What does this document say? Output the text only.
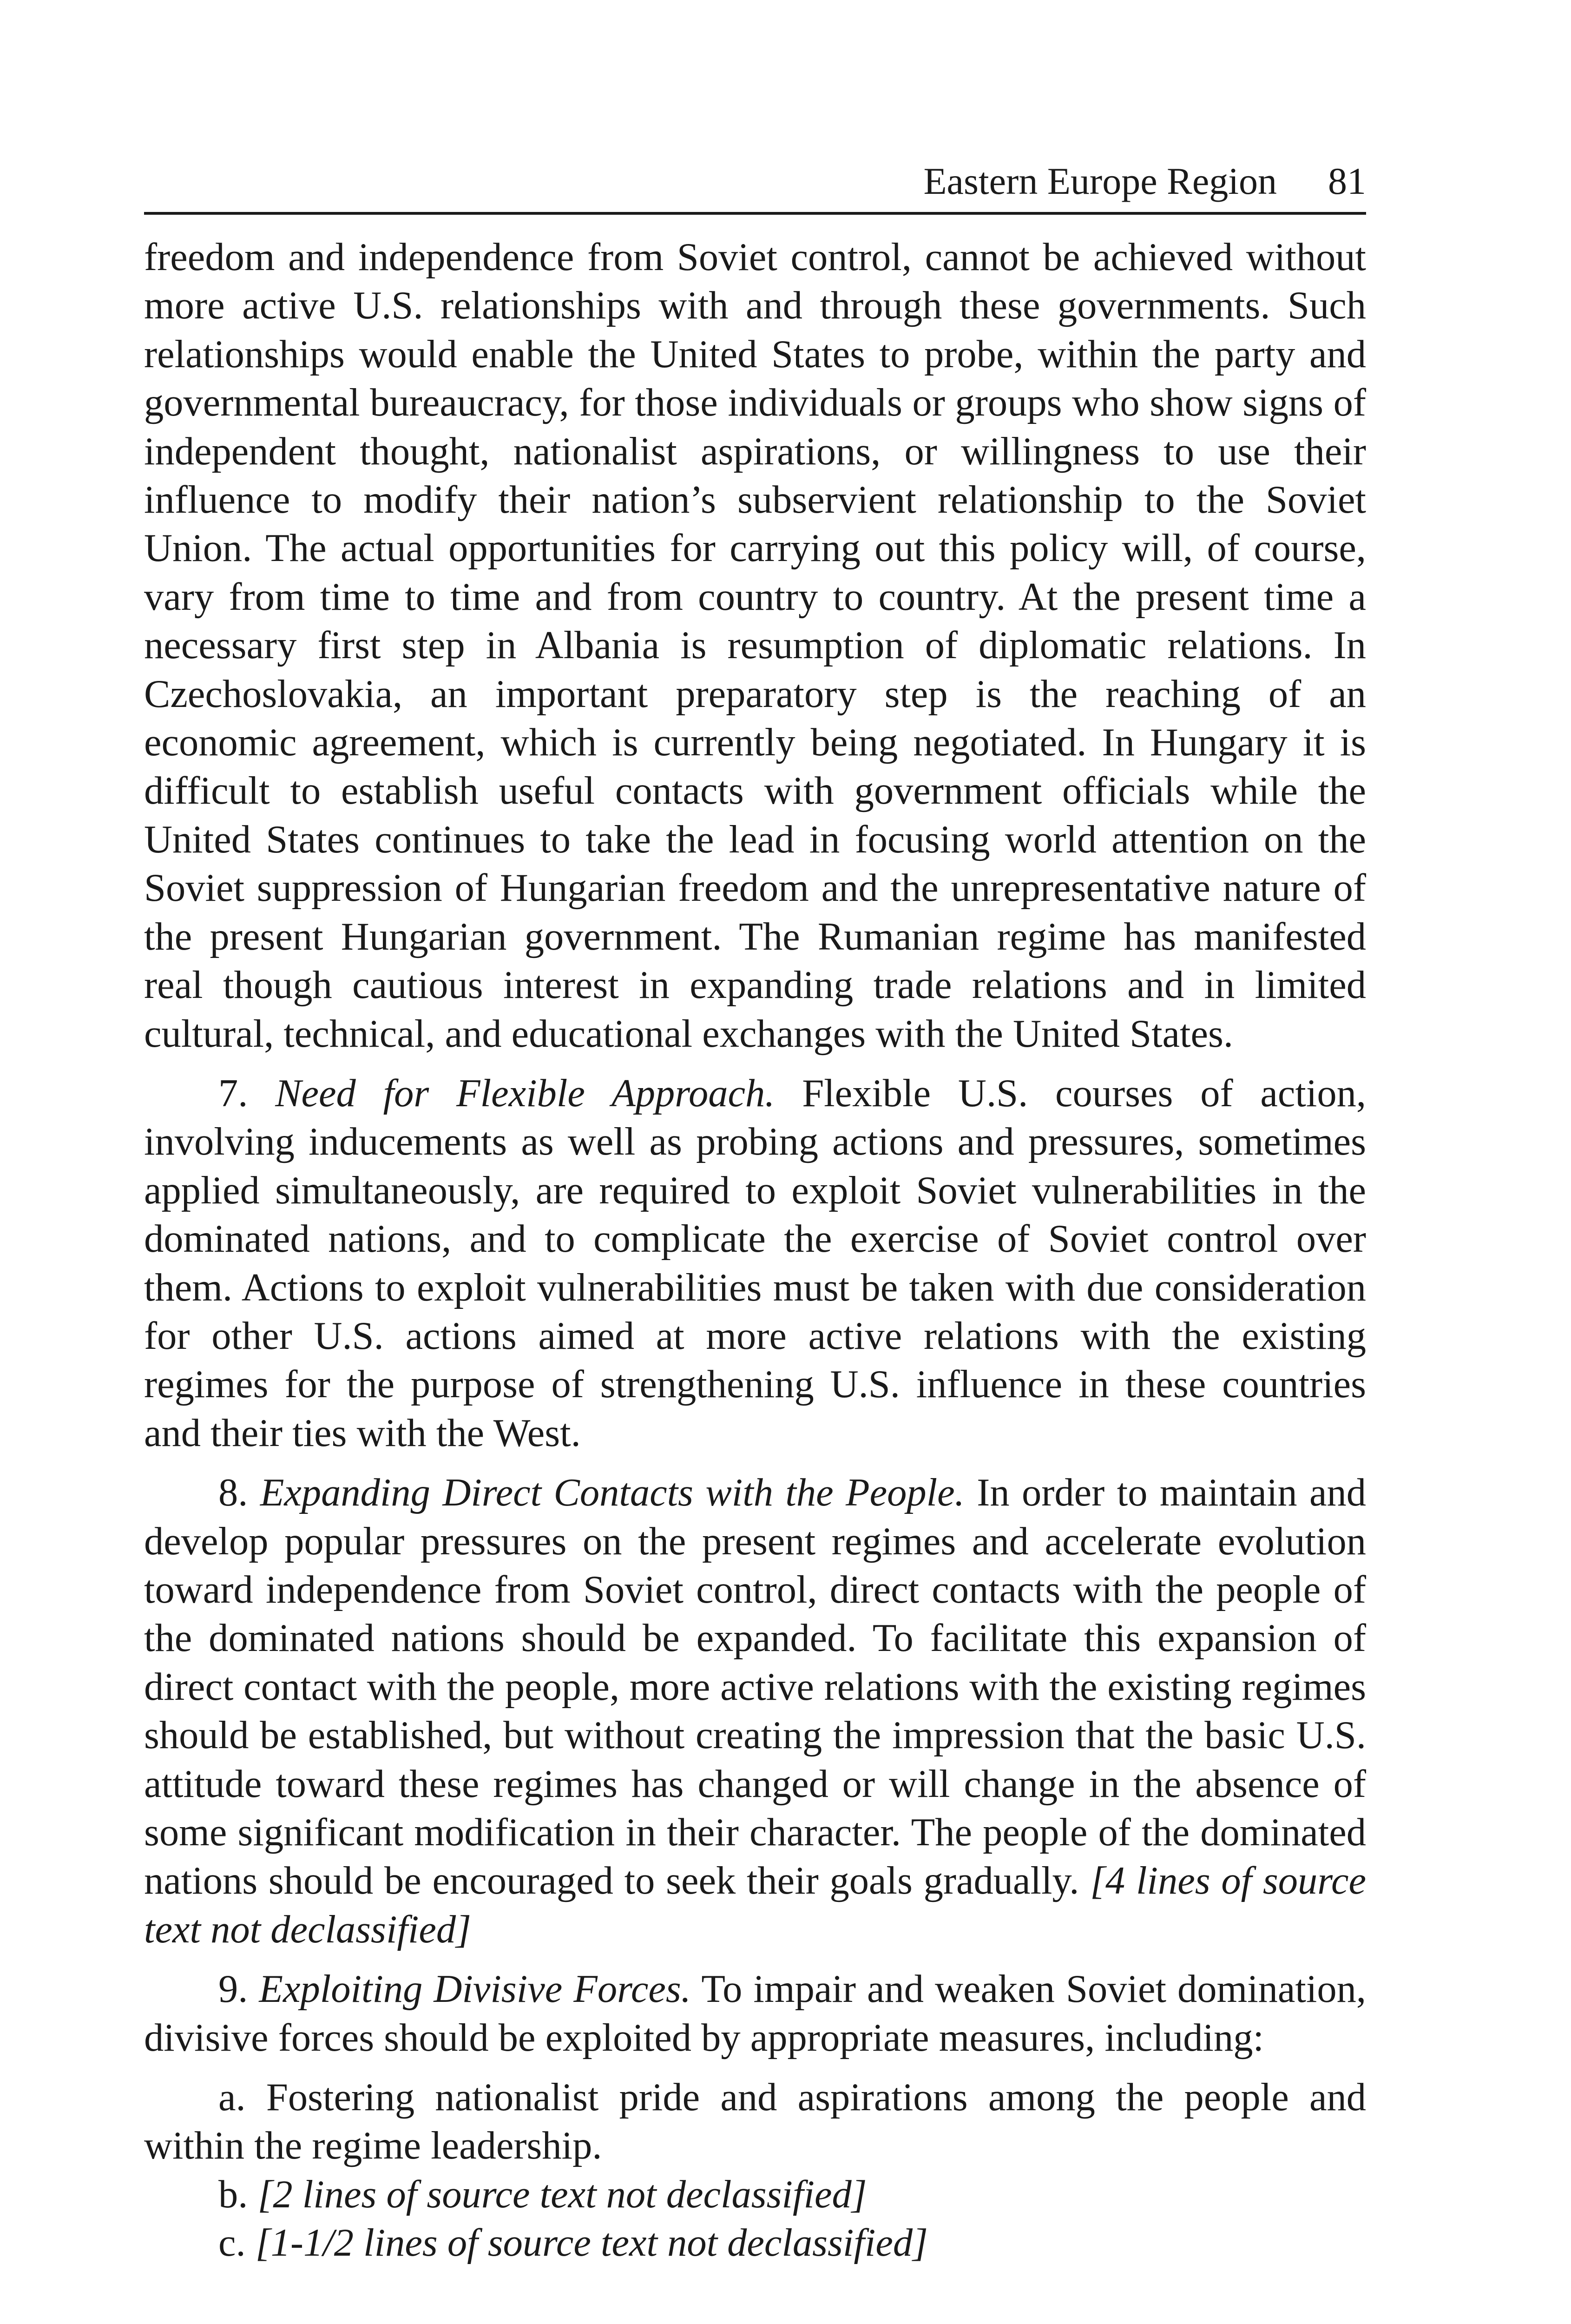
Eastern Europe Region 81

freedom and independence from Soviet control, cannot be achieved without more active U.S. relationships with and through these governments. Such relationships would enable the United States to probe, within the party and governmental bureaucracy, for those individuals or groups who show signs of independent thought, nationalist aspirations, or willingness to use their influence to modify their nation’s subservient relationship to the Soviet Union. The actual opportunities for carrying out this policy will, of course, vary from time to time and from country to country. At the present time a necessary first step in Albania is resumption of diplomatic relations. In Czechoslovakia, an important preparatory step is the reaching of an economic agreement, which is currently being negotiated. In Hungary it is difficult to establish useful contacts with government officials while the United States continues to take the lead in focusing world attention on the Soviet suppression of Hungarian freedom and the unrepresentative nature of the present Hungarian government. The Rumanian regime has manifested real though cautious interest in expanding trade relations and in limited cultural, technical, and educational exchanges with the United States.

7. Need for Flexible Approach. Flexible U.S. courses of action, involving inducements as well as probing actions and pressures, sometimes applied simultaneously, are required to exploit Soviet vulnerabilities in the dominated nations, and to complicate the exercise of Soviet control over them. Actions to exploit vulnerabilities must be taken with due consideration for other U.S. actions aimed at more active relations with the existing regimes for the purpose of strengthening U.S. influence in these countries and their ties with the West.

8. Expanding Direct Contacts with the People. In order to maintain and develop popular pressures on the present regimes and accelerate evolution toward independence from Soviet control, direct contacts with the people of the dominated nations should be expanded. To facilitate this expansion of direct contact with the people, more active relations with the existing regimes should be established, but without creating the impression that the basic U.S. attitude toward these regimes has changed or will change in the absence of some significant modification in their character. The people of the dominated nations should be encouraged to seek their goals gradually. [4 lines of source text not declassified]

9. Exploiting Divisive Forces. To impair and weaken Soviet domination, divisive forces should be exploited by appropriate measures, including:

a. Fostering nationalist pride and aspirations among the people and within the regime leadership.

b. [2 lines of source text not declassified]

c. [1-1/2 lines of source text not declassified]
